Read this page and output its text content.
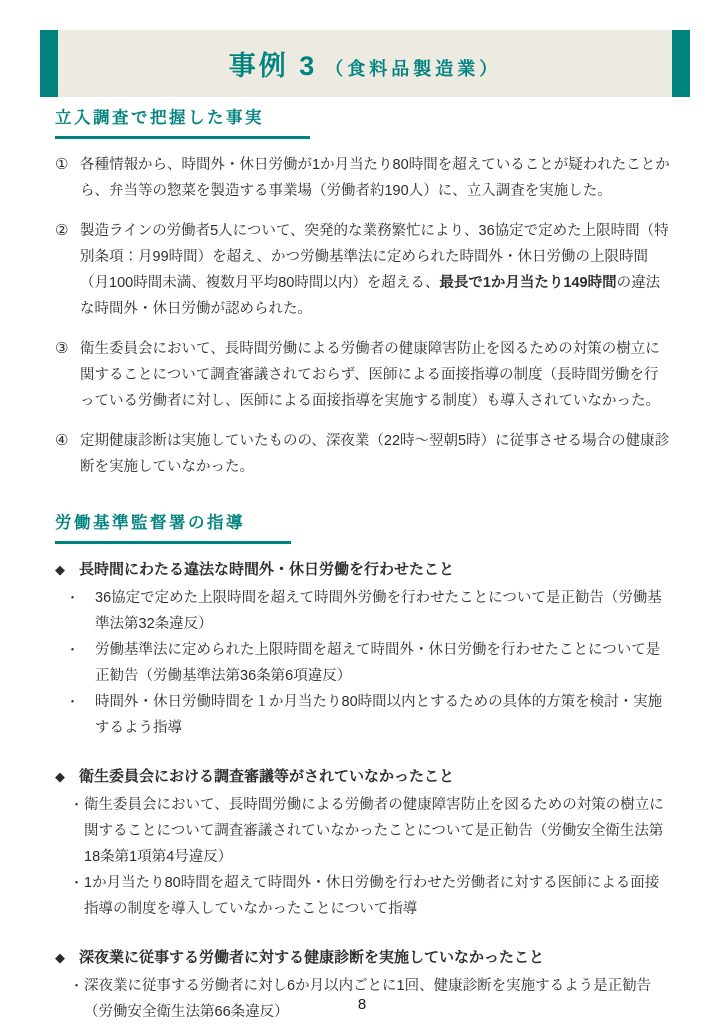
事例 3 （食料品製造業）
立入調査で把握した事実
① 各種情報から、時間外・休日労働が1か月当たり80時間を超えていることが疑われたことから、弁当等の惣菜を製造する事業場（労働者約190人）に、立入調査を実施した。

② 製造ラインの労働者5人について、突発的な業務繁忙により、36協定で定めた上限時間（特別条項：月99時間）を超え、かつ労働基準法に定められた時間外・休日労働の上限時間（月100時間未満、複数月平均80時間以内）を超える、最長で1か月当たり149時間の違法な時間外・休日労働が認められた。

③ 衛生委員会において、長時間労働による労働者の健康障害防止を図るための対策の樹立に関することについて調査審議されておらず、医師による面接指導の制度（長時間労働を行っている労働者に対し、医師による面接指導を実施する制度）も導入されていなかった。

④ 定期健康診断は実施していたものの、深夜業（22時～翌朝5時）に従事させる場合の健康診断を実施していなかった。

労働基準監督署の指導
◆ 長時間にわたる違法な時間外・休日労働を行わせたこと
・	36協定で定めた上限時間を超えて時間外労働を行わせたことについて是正勧告（労働基準法第32条違反）

・	労働基準法に定められた上限時間を超えて時間外・休日労働を行わせたことについて是正勧告（労働基準法第36条第6項違反）

・	時間外・休日労働時間を１か月当たり80時間以内とするための具体的方策を検討・実施するよう指導

◆ 衛生委員会における調査審議等がされていなかったこと
・ 衛生委員会において、長時間労働による労働者の健康障害防止を図るための対策の樹立に関することについて調査審議されていなかったことについて是正勧告（労働安全衛生法第18条第1項第4号違反）

・ 1か月当たり80時間を超えて時間外・休日労働を行わせた労働者に対する医師による面接指導の制度を導入していなかったことについて指導

◆ 深夜業に従事する労働者に対する健康診断を実施していなかったこと
・ 深夜業に従事する労働者に対し6か月以内ごとに1回、健康診断を実施するよう是正勧告（労働安全衛生法第66条違反）	8
